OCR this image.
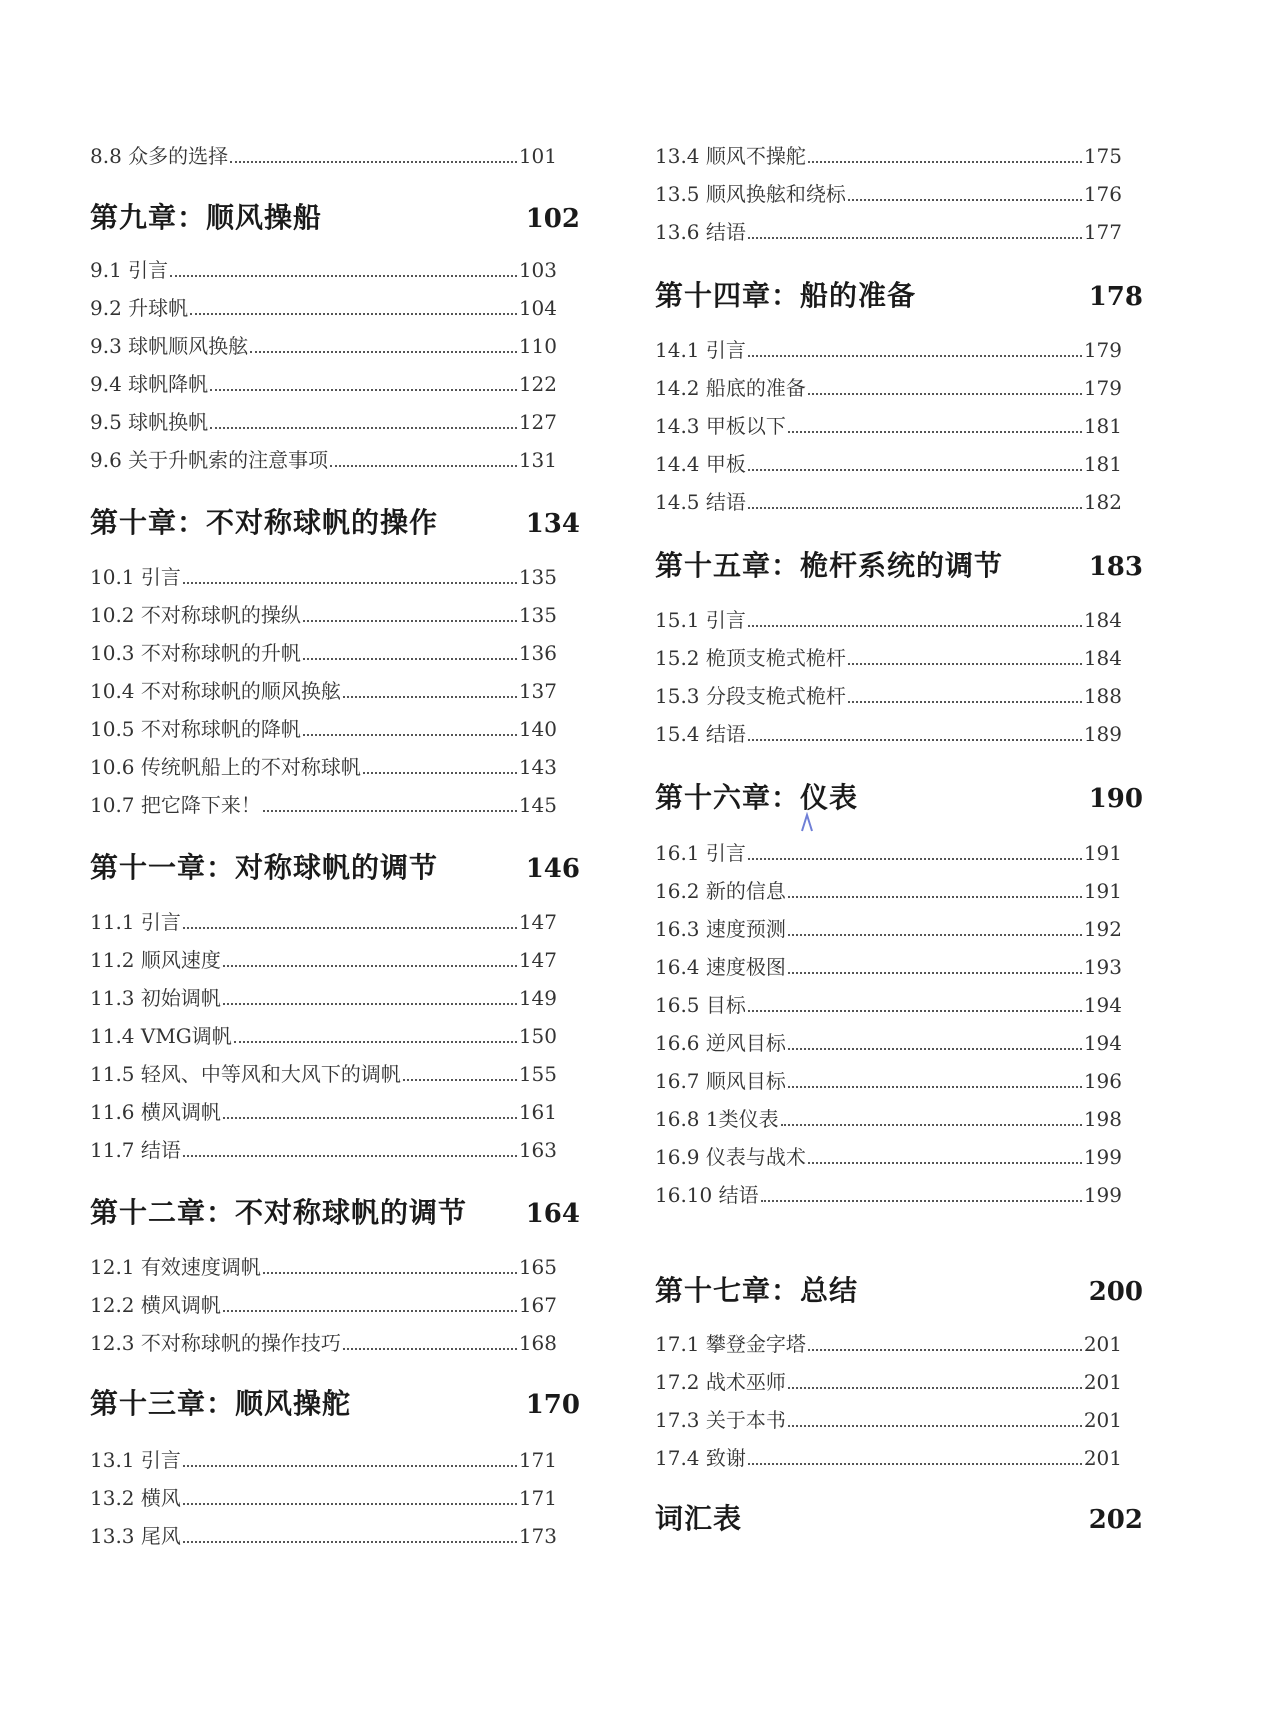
8.8 众多的选择	101
第九章：顺风操船	102
9.1 引言	103
9.2 升球帆	104
9.3 球帆顺风换舷	110
9.4 球帆降帆	122
9.5 球帆换帆	127
9.6 关于升帆索的注意事项	131
第十章：不对称球帆的操作	134
10.1 引言	135
10.2 不对称球帆的操纵	135
10.3 不对称球帆的升帆	136
10.4 不对称球帆的顺风换舷	137
10.5 不对称球帆的降帆	140
10.6 传统帆船上的不对称球帆	143
10.7 把它降下来！	145
第十一章：对称球帆的调节	146
11.1 引言	147
11.2 顺风速度	147
11.3 初始调帆	149
11.4 VMG调帆	150
11.5 轻风、中等风和大风下的调帆	155
11.6 横风调帆	161
11.7 结语	163
第十二章：不对称球帆的调节 164
12.1 有效速度调帆	165
12.2 横风调帆	167
12.3 不对称球帆的操作技巧	168
第十三章：顺风操舵	170
13.1 引言	171
13.2 横风	171
13.3 尾风	173
13.4 顺风不操舵	175
13.5 顺风换舷和绕标	176
13.6 结语	177
第十四章：船的准备	178
14.1 引言	179
14.2 船底的准备	179
14.3 甲板以下	181
14.4 甲板	181
14.5 结语	182
第十五章：桅杆系统的调节	183
15.1 引言	184
15.2 桅顶支桅式桅杆	184
15.3 分段支桅式桅杆	188
15.4 结语	189
第十六章：仪表	190
16.1 引言	191
16.2 新的信息	191
16.3 速度预测	192
16.4 速度极图	193
16.5 目标	194
16.6 逆风目标	194
16.7 顺风目标	196
16.8 1类仪表	198
16.9 仪表与战术	199
16.10 结语	199
第十七章：总结	200
17.1 攀登金字塔	201
17.2 战术巫师	201
17.3 关于本书	201
17.4 致谢	201
词汇表	202
